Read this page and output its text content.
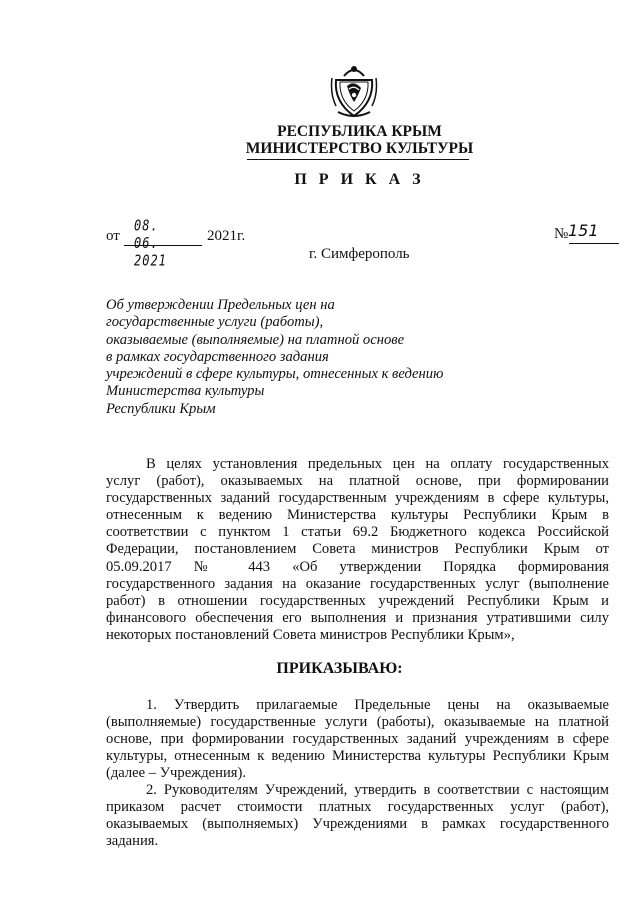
РЕСПУБЛИКА КРЫМ
МИНИСТЕРСТВО КУЛЬТУРЫ
П Р И К А З
от
08. 06. 2021
2021г.	№ 151
г. Симферополь
Об утверждении Предельных цен на
государственные услуги (работы),
оказываемые (выполняемые) на платной основе
в рамках государственного задания
учреждений в сфере культуры, отнесенных к ведению
Министерства культуры
Республики Крым
В целях установления предельных цен на оплату государственных
услуг (работ), оказываемых на платной основе, при формировании
государственных заданий государственным учреждениям в сфере культуры,
отнесенным к ведению Министерства культуры Республики Крым в
соответствии с пунктом 1 статьи 69.2 Бюджетного кодекса Российской
Федерации, постановлением Совета министров Республики Крым от
05.09.2017 № 443 «Об утверждении Порядка формирования
государственного задания на оказание государственных услуг (выполнение
работ) в отношении государственных учреждений Республики Крым и
финансового обеспечения его выполнения и признания утратившими силу
некоторых постановлений Совета министров Республики Крым»,
ПРИКАЗЫВАЮ:
1. Утвердить прилагаемые Предельные цены на оказываемые
(выполняемые) государственные услуги (работы), оказываемые на платной
основе, при формировании государственных заданий учреждениям в сфере
культуры, отнесенным к ведению Министерства культуры Республики Крым
(далее – Учреждения).
2. Руководителям Учреждений, утвердить в соответствии с настоящим
приказом расчет стоимости платных государственных услуг (работ),
оказываемых (выполняемых) Учреждениями в рамках государственного
задания.
